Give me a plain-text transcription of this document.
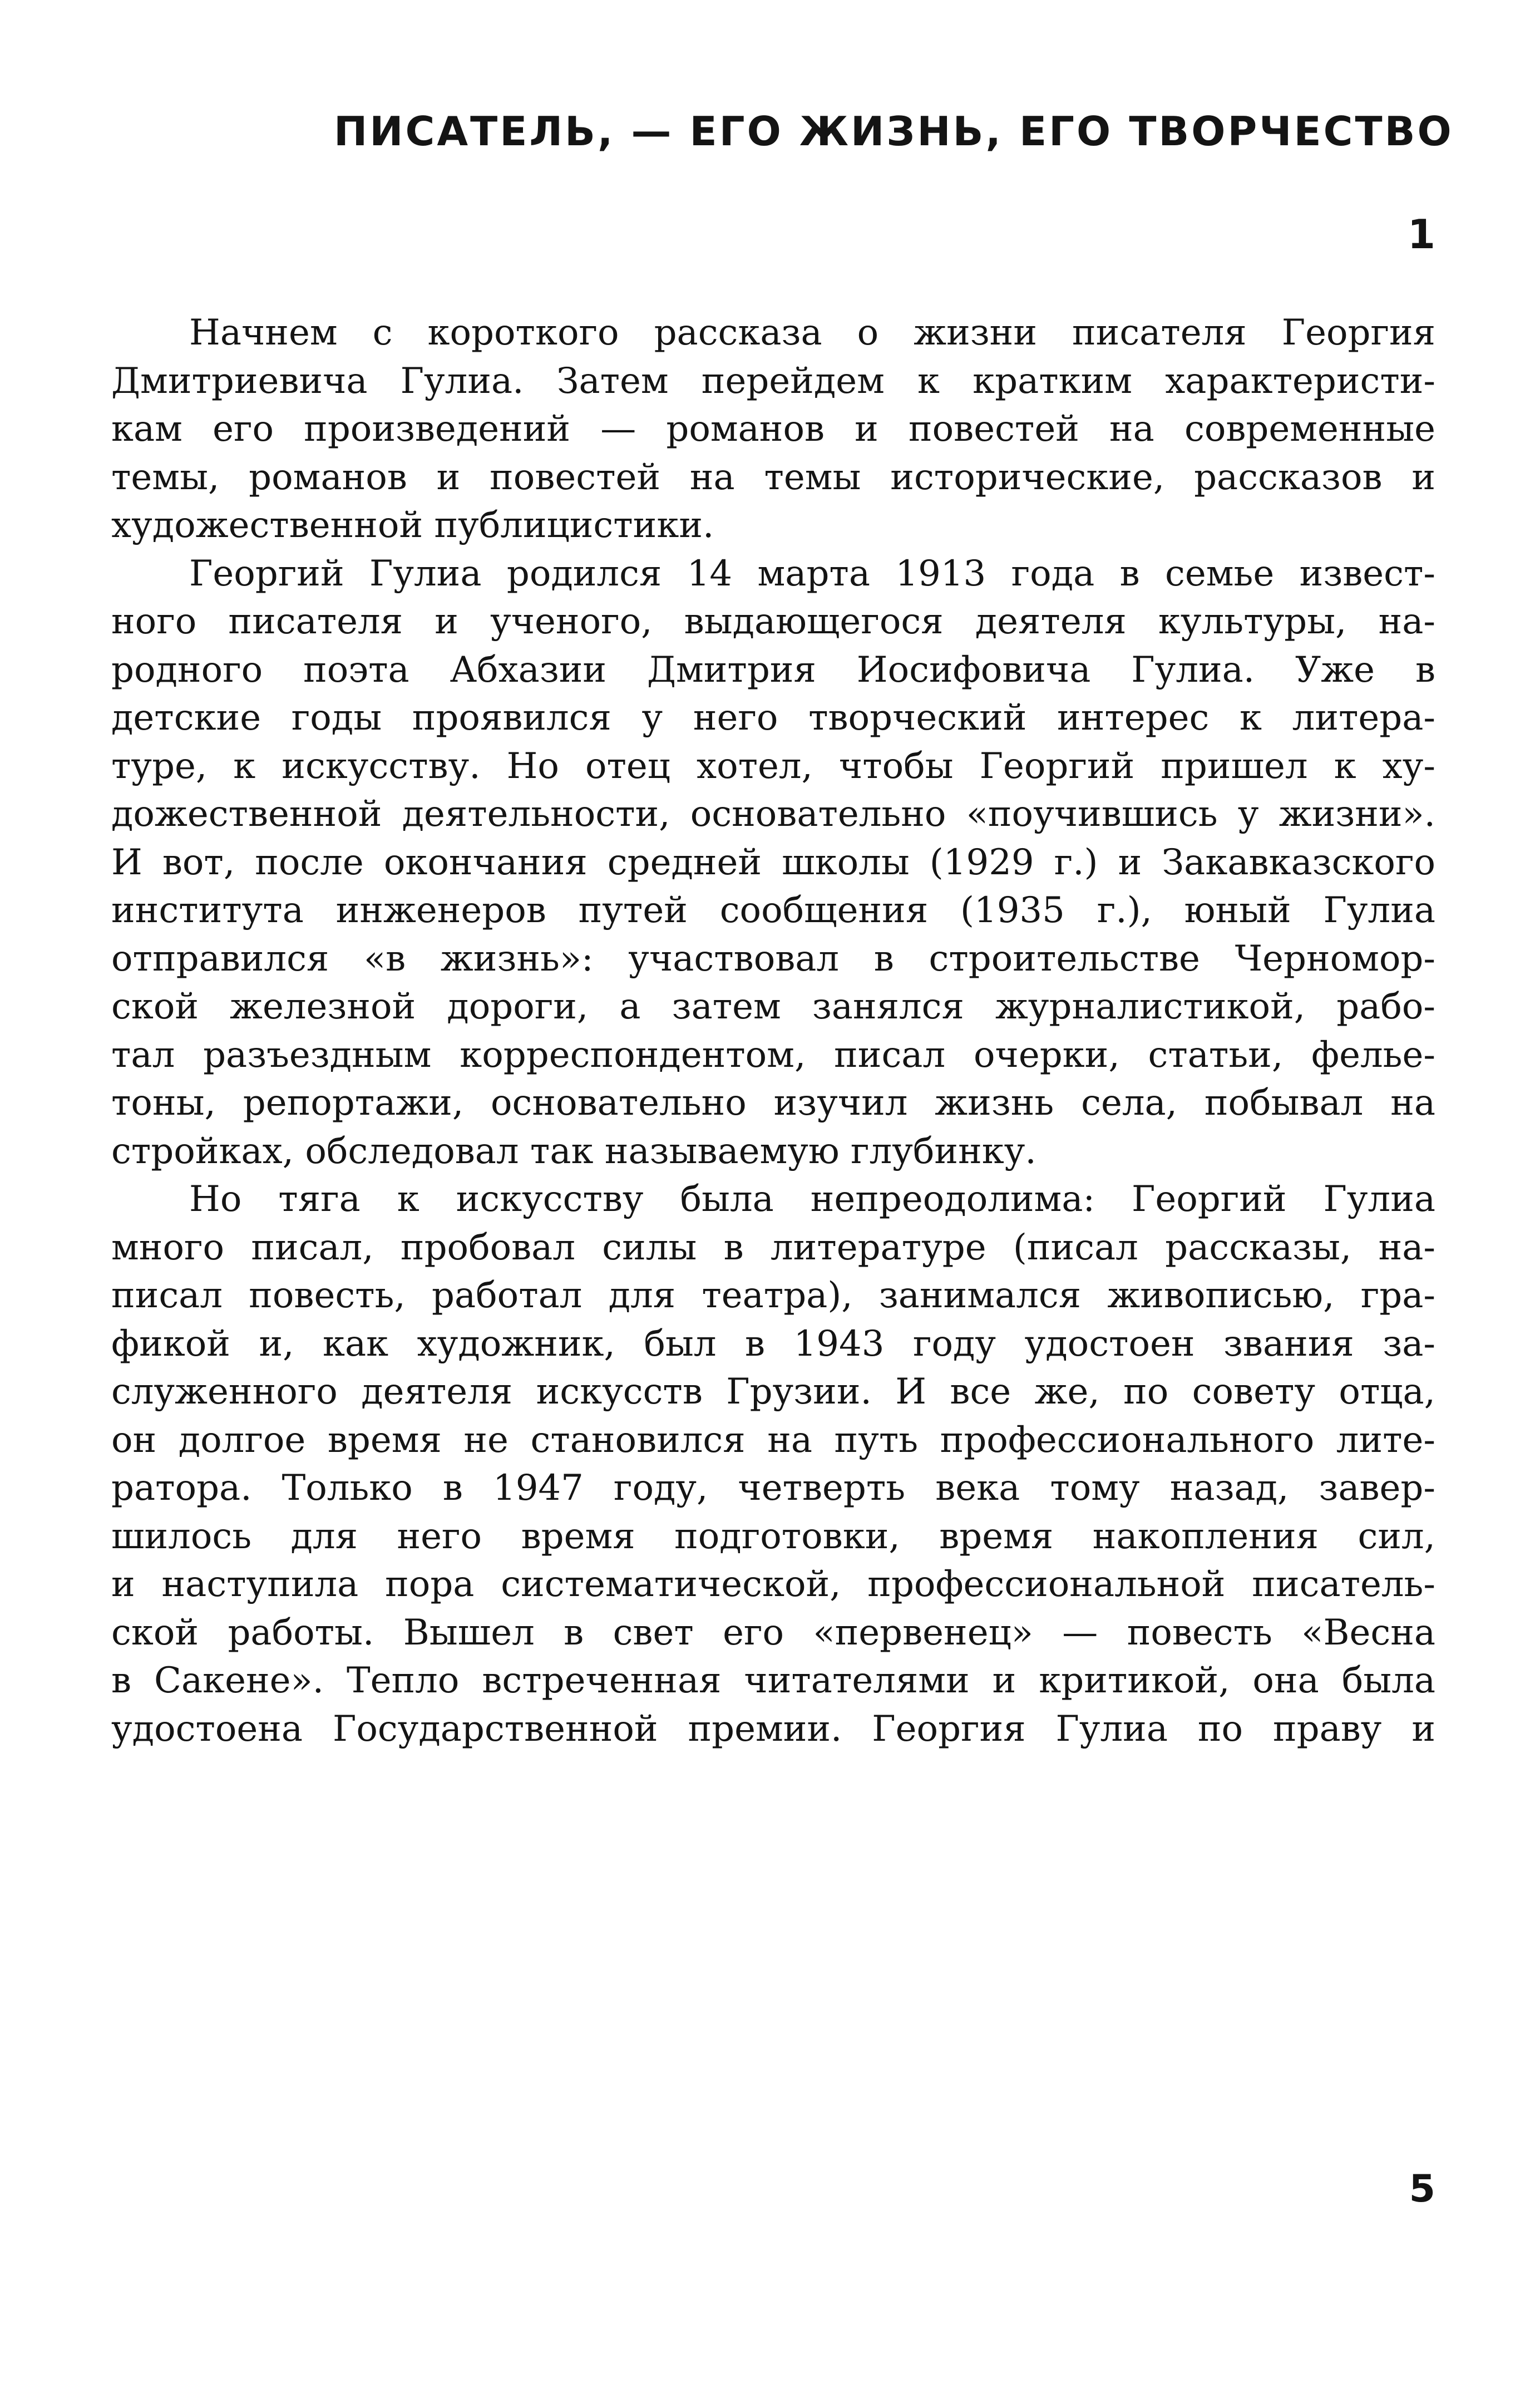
ПИСАТЕЛЬ, — ЕГО ЖИЗНЬ, ЕГО ТВОРЧЕСТВО
1
Начнем с короткого рассказа о жизни писателя Георгия
Дмитриевича Гулиа. Затем перейдем к кратким характеристи-
кам его произведений — романов и повестей на современные
темы, романов и повестей на темы исторические, рассказов и
художественной публицистики.
Георгий Гулиа родился 14 марта 1913 года в семье извест-
ного писателя и ученого, выдающегося деятеля культуры, на-
родного поэта Абхазии Дмитрия Иосифовича Гулиа. Уже в
детские годы проявился у него творческий интерес к литера-
туре, к искусству. Но отец хотел, чтобы Георгий пришел к ху-
дожественной деятельности, основательно «поучившись у жизни».
И вот, после окончания средней школы (1929 г.) и Закавказского
института инженеров путей сообщения (1935 г.), юный Гулиа
отправился «в жизнь»: участвовал в строительстве Черномор-
ской железной дороги, а затем занялся журналистикой, рабо-
тал разъездным корреспондентом, писал очерки, статьи, фелье-
тоны, репортажи, основательно изучил жизнь села, побывал на
стройках, обследовал так называемую глубинку.
Но тяга к искусству была непреодолима: Георгий Гулиа
много писал, пробовал силы в литературе (писал рассказы, на-
писал повесть, работал для театра), занимался живописью, гра-
фикой и, как художник, был в 1943 году удостоен звания за-
служенного деятеля искусств Грузии. И все же, по совету отца,
он долгое время не становился на путь профессионального лите-
ратора. Только в 1947 году, четверть века тому назад, завер-
шилось для него время подготовки, время накопления сил,
и наступила пора систематической, профессиональной писатель-
ской работы. Вышел в свет его «первенец» — повесть «Весна
в Сакене». Тепло встреченная читателями и критикой, она была
удостоена Государственной премии. Георгия Гулиа по праву и
5
